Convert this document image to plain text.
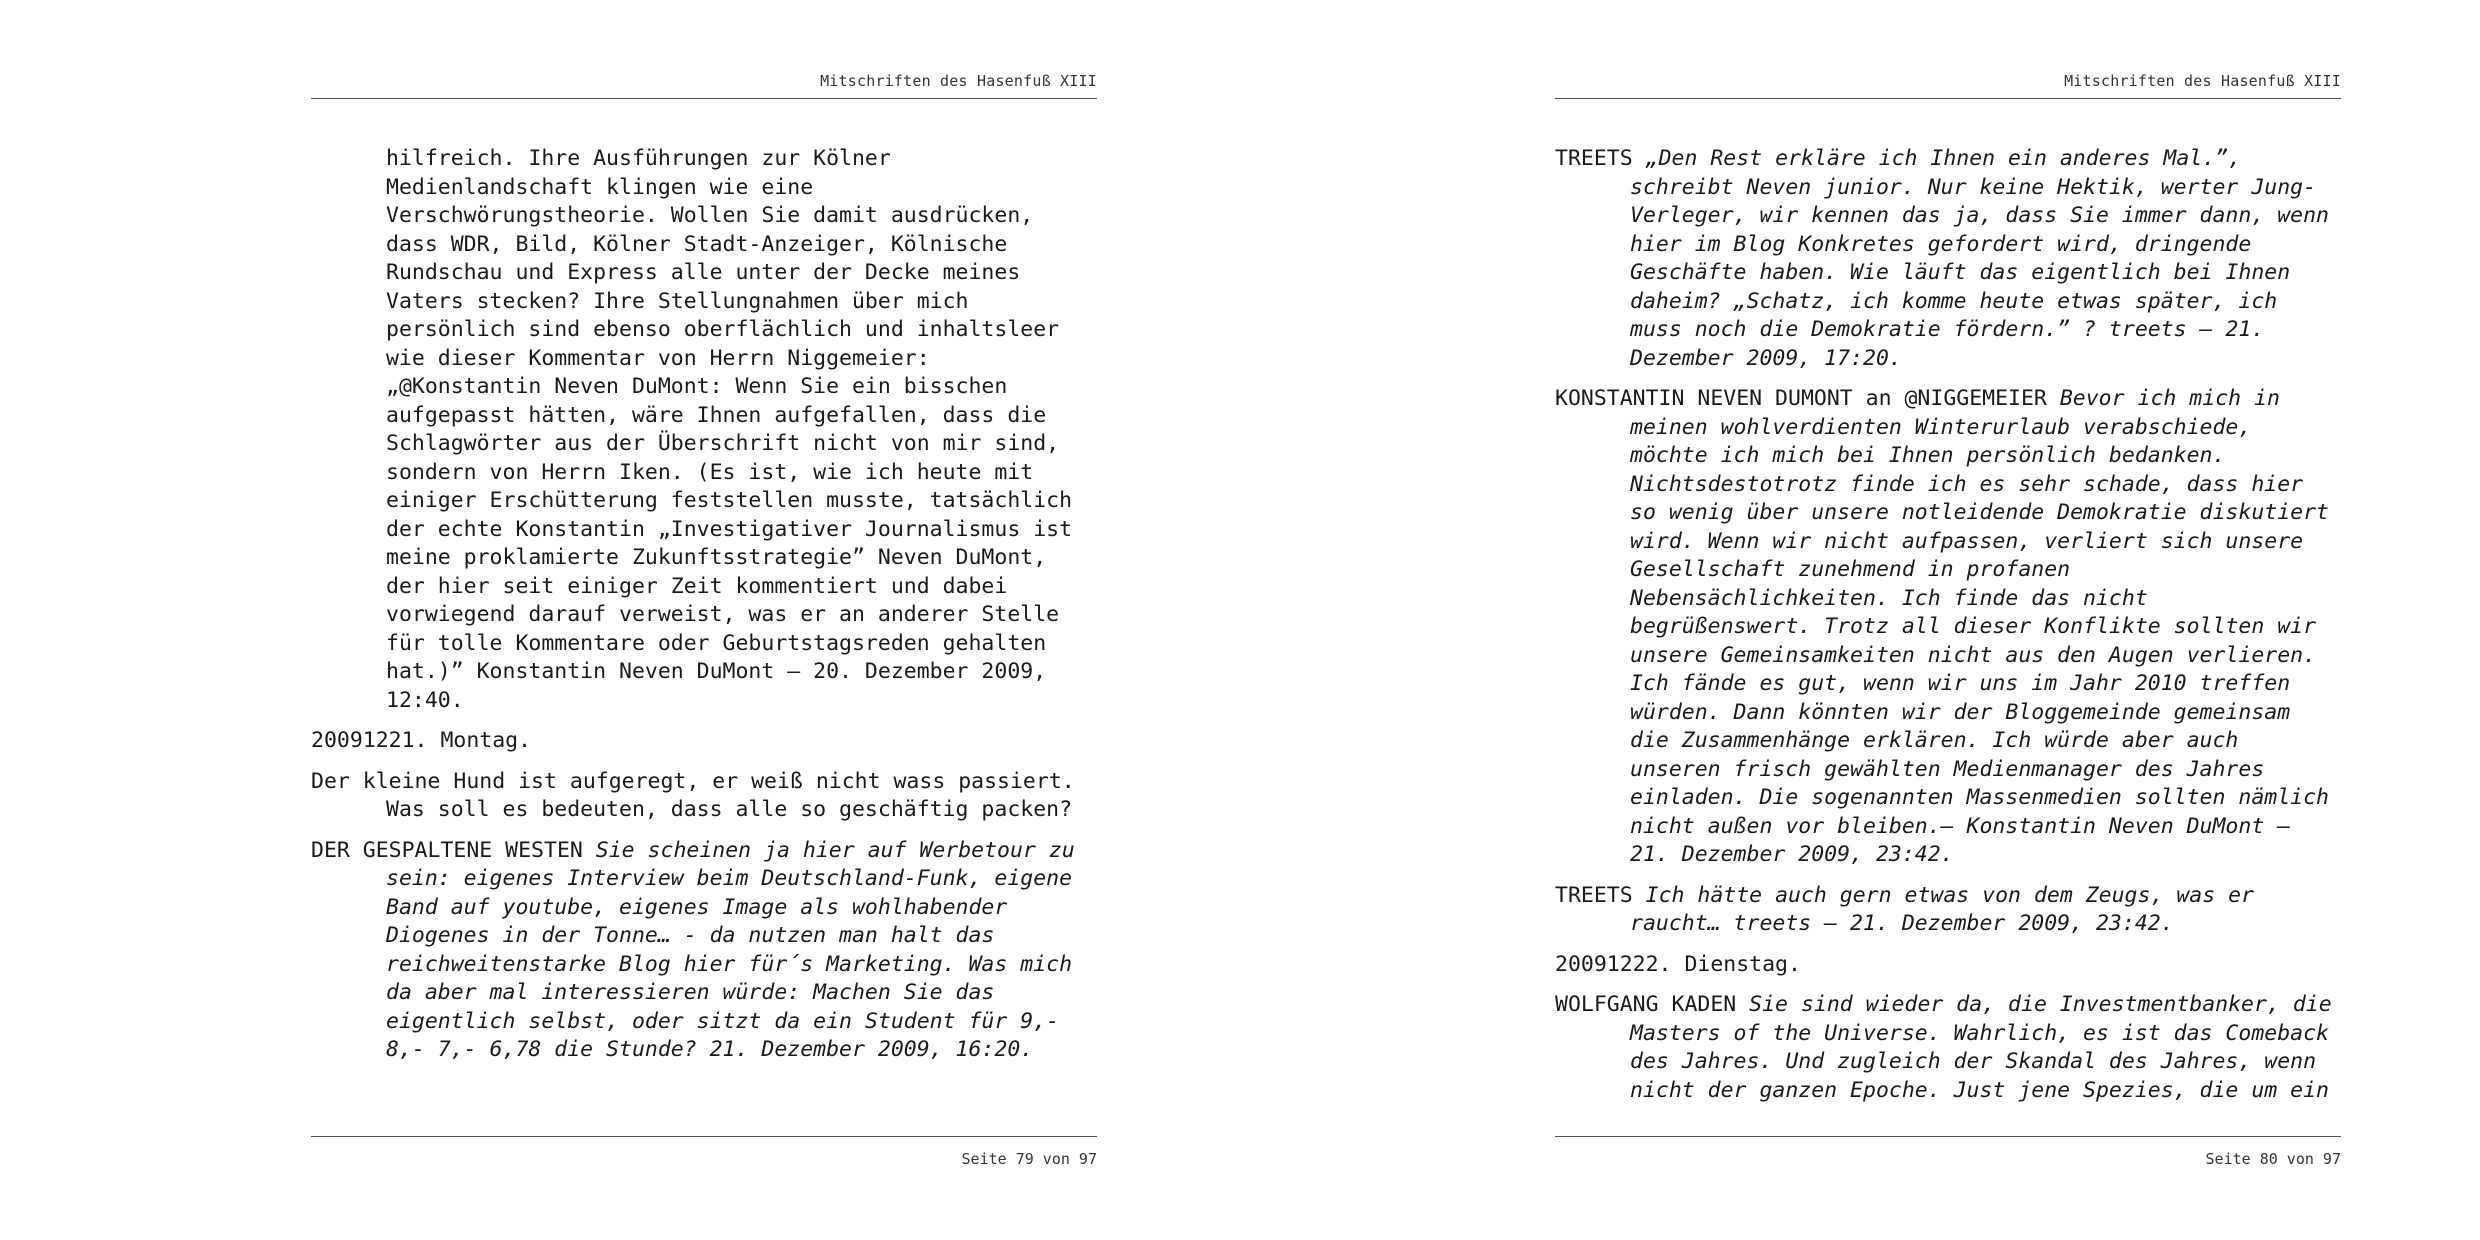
Mitschriften des Hasenfuß XIII

hilfreich. Ihre Ausführungen zur Kölner Medienlandschaft klingen wie eine Verschwörungstheorie. Wollen Sie damit ausdrücken, dass WDR, Bild, Kölner Stadt-Anzeiger, Kölnische Rundschau und Express alle unter der Decke meines Vaters stecken? Ihre Stellungnahmen über mich persönlich sind ebenso oberflächlich und inhaltsleer wie dieser Kommentar von Herrn Niggemeier: „@Konstantin Neven DuMont: Wenn Sie ein bisschen aufgepasst hätten, wäre Ihnen aufgefallen, dass die Schlagwörter aus der Überschrift nicht von mir sind, sondern von Herrn Iken. (Es ist, wie ich heute mit einiger Erschütterung feststellen musste, tatsächlich der echte Konstantin „Investigativer Journalismus ist meine proklamierte Zukunftsstrategie” Neven DuMont, der hier seit einiger Zeit kommentiert und dabei vorwiegend darauf verweist, was er an anderer Stelle für tolle Kommentare oder Geburtstagsreden gehalten hat.)” Konstantin Neven DuMont — 20. Dezember 2009, 12:40.

20091221. Montag.

Der kleine Hund ist aufgeregt, er weiß nicht wass passiert. Was soll es bedeuten, dass alle so geschäftig packen?

DER GESPALTENE WESTEN Sie scheinen ja hier auf Werbetour zu sein: eigenes Interview beim Deutschland-Funk, eigene Band auf youtube, eigenes Image als wohlhabender Diogenes in der Tonne… - da nutzen man halt das reichweitenstarke Blog hier für´s Marketing. Was mich da aber mal interessieren würde: Machen Sie das eigentlich selbst, oder sitzt da ein Student für 9,- 8,- 7,- 6,78 die Stunde? 21. Dezember 2009, 16:20.

Seite 79 von 97
Mitschriften des Hasenfuß XIII

TREETS „Den Rest erkläre ich Ihnen ein anderes Mal.”, schreibt Neven junior. Nur keine Hektik, werter Jung-Verleger, wir kennen das ja, dass Sie immer dann, wenn hier im Blog Konkretes gefordert wird, dringende Geschäfte haben. Wie läuft das eigentlich bei Ihnen daheim? „Schatz, ich komme heute etwas später, ich muss noch die Demokratie fördern.” ? treets — 21. Dezember 2009, 17:20.

KONSTANTIN NEVEN DUMONT an @NIGGEMEIER Bevor ich mich in meinen wohlverdienten Winterurlaub verabschiede, möchte ich mich bei Ihnen persönlich bedanken. Nichtsdestotrotz finde ich es sehr schade, dass hier so wenig über unsere notleidende Demokratie diskutiert wird. Wenn wir nicht aufpassen, verliert sich unsere Gesellschaft zunehmend in profanen Nebensächlichkeiten. Ich finde das nicht begrüßenswert. Trotz all dieser Konflikte sollten wir unsere Gemeinsamkeiten nicht aus den Augen verlieren. Ich fände es gut, wenn wir uns im Jahr 2010 treffen würden. Dann könnten wir der Bloggemeinde gemeinsam die Zusammenhänge erklären. Ich würde aber auch unseren frisch gewählten Medienmanager des Jahres einladen. Die sogenannten Massenmedien sollten nämlich nicht außen vor bleiben.— Konstantin Neven DuMont — 21. Dezember 2009, 23:42.

TREETS Ich hätte auch gern etwas von dem Zeugs, was er raucht… treets — 21. Dezember 2009, 23:42.

20091222. Dienstag.

WOLFGANG KADEN Sie sind wieder da, die Investmentbanker, die Masters of the Universe. Wahrlich, es ist das Comeback des Jahres. Und zugleich der Skandal des Jahres, wenn nicht der ganzen Epoche. Just jene Spezies, die um ein

Seite 80 von 97
